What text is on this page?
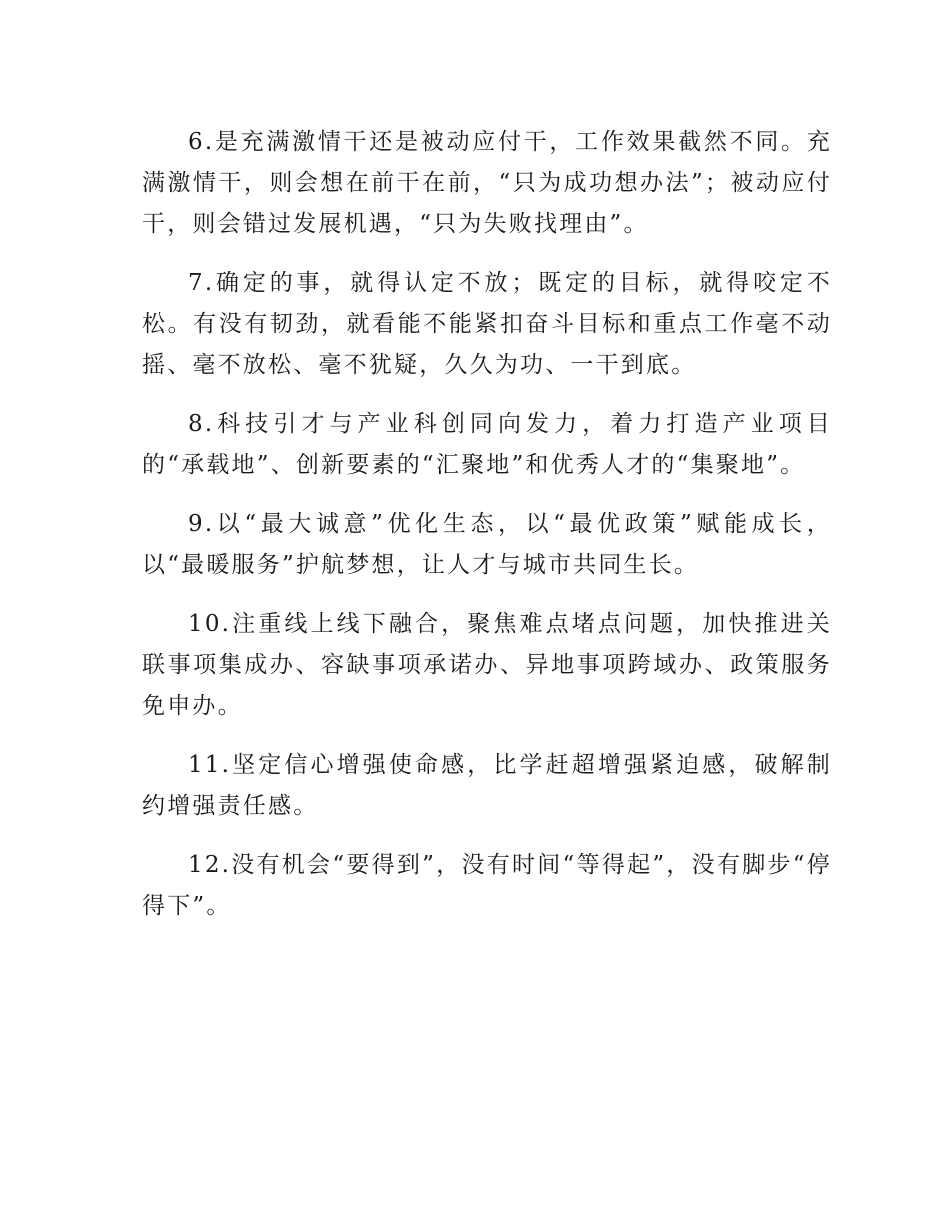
6.是充满激情干还是被动应付干，工作效果截然不同。充满激情干，则会想在前干在前，“只为成功想办法”；被动应付干，则会错过发展机遇，“只为失败找理由”。

7.确定的事，就得认定不放；既定的目标，就得咬定不松。有没有韧劲，就看能不能紧扣奋斗目标和重点工作毫不动摇、毫不放松、毫不犹疑，久久为功、一干到底。

8.科技引才与产业科创同向发力，着力打造产业项目的“承载地”、创新要素的“汇聚地”和优秀人才的“集聚地”。

9.以“最大诚意”优化生态，以“最优政策”赋能成长，以“最暖服务”护航梦想，让人才与城市共同生长。

10.注重线上线下融合，聚焦难点堵点问题，加快推进关联事项集成办、容缺事项承诺办、异地事项跨域办、政策服务免申办。

11.坚定信心增强使命感，比学赶超增强紧迫感，破解制约增强责任感。

12.没有机会“要得到”，没有时间“等得起”，没有脚步“停得下”。
